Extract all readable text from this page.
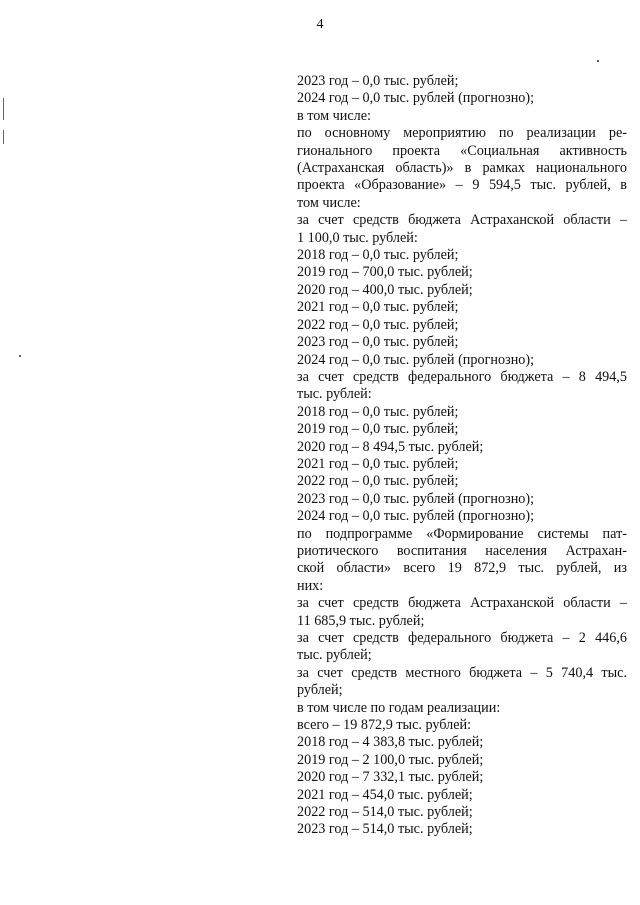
4
2023 год – 0,0 тыс. рублей;
2024 год – 0,0 тыс. рублей (прогнозно);
в том числе:
по основному мероприятию по реализации ре-
гионального проекта «Социальная активность
(Астраханская область)» в рамках национального
проекта «Образование» – 9 594,5 тыс. рублей, в
том числе:
за счет средств бюджета Астраханской области –
1 100,0 тыс. рублей:
2018 год – 0,0 тыс. рублей;
2019 год – 700,0 тыс. рублей;
2020 год – 400,0 тыс. рублей;
2021 год – 0,0 тыс. рублей;
2022 год – 0,0 тыс. рублей;
2023 год – 0,0 тыс. рублей;
2024 год – 0,0 тыс. рублей (прогнозно);
за счет средств федерального бюджета – 8 494,5
тыс. рублей:
2018 год – 0,0 тыс. рублей;
2019 год – 0,0 тыс. рублей;
2020 год – 8 494,5 тыс. рублей;
2021 год – 0,0 тыс. рублей;
2022 год – 0,0 тыс. рублей;
2023 год – 0,0 тыс. рублей (прогнозно);
2024 год – 0,0 тыс. рублей (прогнозно);
по подпрограмме «Формирование системы пат-
риотического воспитания населения Астрахан-
ской области» всего 19 872,9 тыс. рублей, из
них:
за счет средств бюджета Астраханской области –
11 685,9 тыс. рублей;
за счет средств федерального бюджета – 2 446,6
тыс. рублей;
за счет средств местного бюджета – 5 740,4 тыс.
рублей;
в том числе по годам реализации:
всего – 19 872,9 тыс. рублей:
2018 год – 4 383,8 тыс. рублей;
2019 год – 2 100,0 тыс. рублей;
2020 год – 7 332,1 тыс. рублей;
2021 год – 454,0 тыс. рублей;
2022 год – 514,0 тыс. рублей;
2023 год – 514,0 тыс. рублей;
